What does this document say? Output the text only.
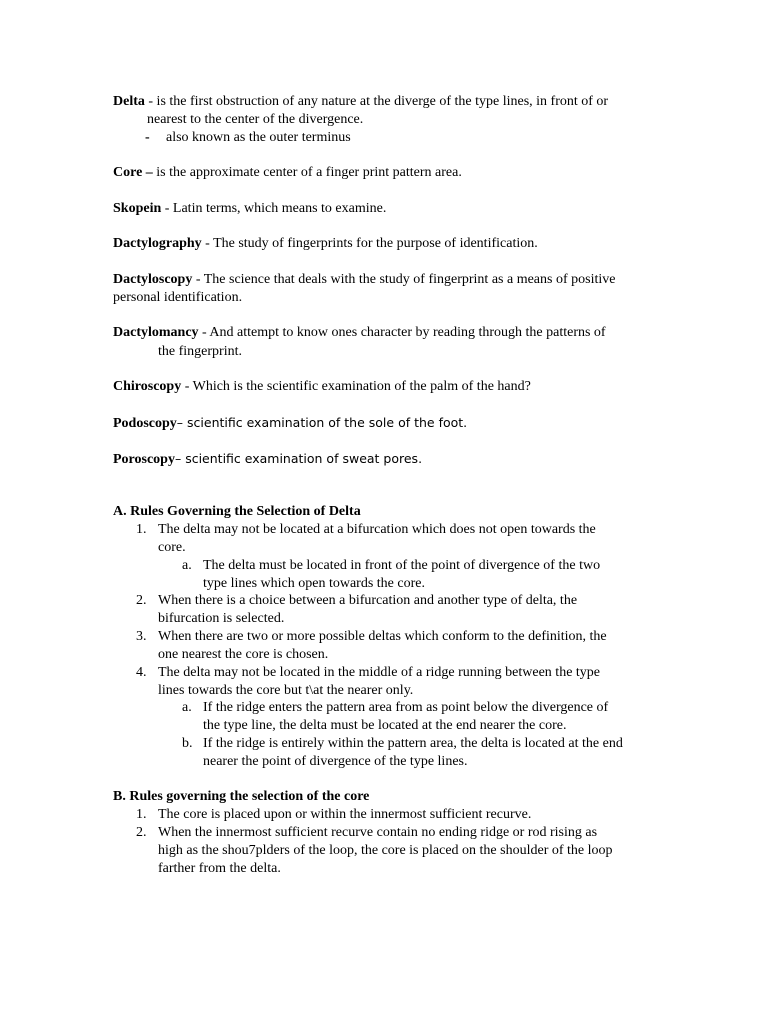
Delta - is the first obstruction of any nature at the diverge of the type lines, in front of or
nearest to the center of the divergence.
- also known as the outer terminus
Core – is the approximate center of a finger print pattern area.
Skopein - Latin terms, which means to examine.
Dactylography - The study of fingerprints for the purpose of identification.
Dactyloscopy - The science that deals with the study of fingerprint as a means of positive
personal identification.
Dactylomancy - And attempt to know ones character by reading through the patterns of
the fingerprint.
Chiroscopy - Which is the scientific examination of the palm of the hand?
Podoscopy– scientific examination of the sole of the foot.
Poroscopy– scientific examination of sweat pores.
A. Rules Governing the Selection of Delta
1. The delta may not be located at a bifurcation which does not open towards the
core.
a. The delta must be located in front of the point of divergence of the two
type lines which open towards the core.
2. When there is a choice between a bifurcation and another type of delta, the
bifurcation is selected.
3. When there are two or more possible deltas which conform to the definition, the
one nearest the core is chosen.
4. The delta may not be located in the middle of a ridge running between the type
lines towards the core but t\at the nearer only.
a. If the ridge enters the pattern area from as point below the divergence of
the type line, the delta must be located at the end nearer the core.
b. If the ridge is entirely within the pattern area, the delta is located at the end
nearer the point of divergence of the type lines.
B. Rules governing the selection of the core
1. The core is placed upon or within the innermost sufficient recurve.
2. When the innermost sufficient recurve contain no ending ridge or rod rising as
high as the shou7plders of the loop, the core is placed on the shoulder of the loop
farther from the delta.
